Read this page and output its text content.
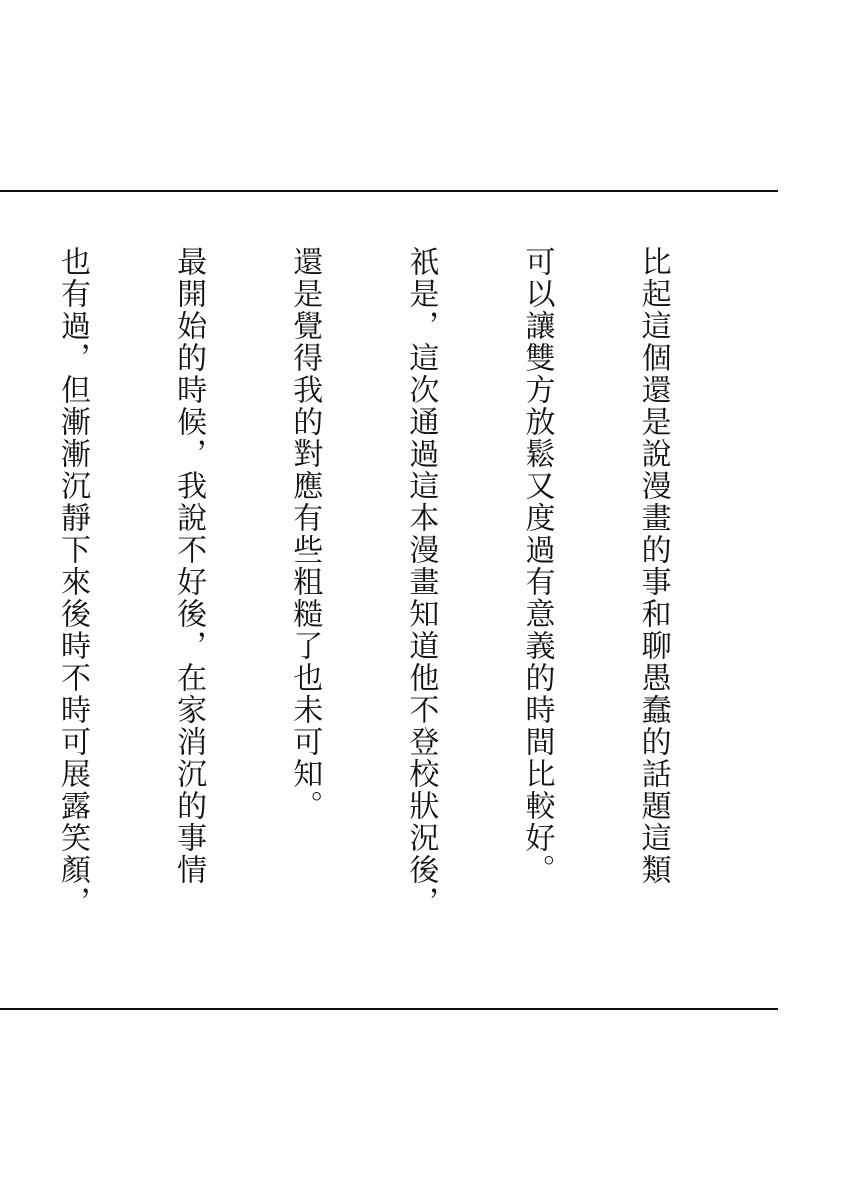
比起這個還是說漫畫的事和聊愚蠢的話題這類

可以讓雙方放鬆又度過有意義的時間比較好。

祇是，這次通過這本漫畫知道他不登校狀況後，

還是覺得我的對應有些粗糙了也未可知。

最開始的時候，我說不好後，在家消沉的事情

也有過，但漸漸沉靜下來後時不時可展露笑顏，
